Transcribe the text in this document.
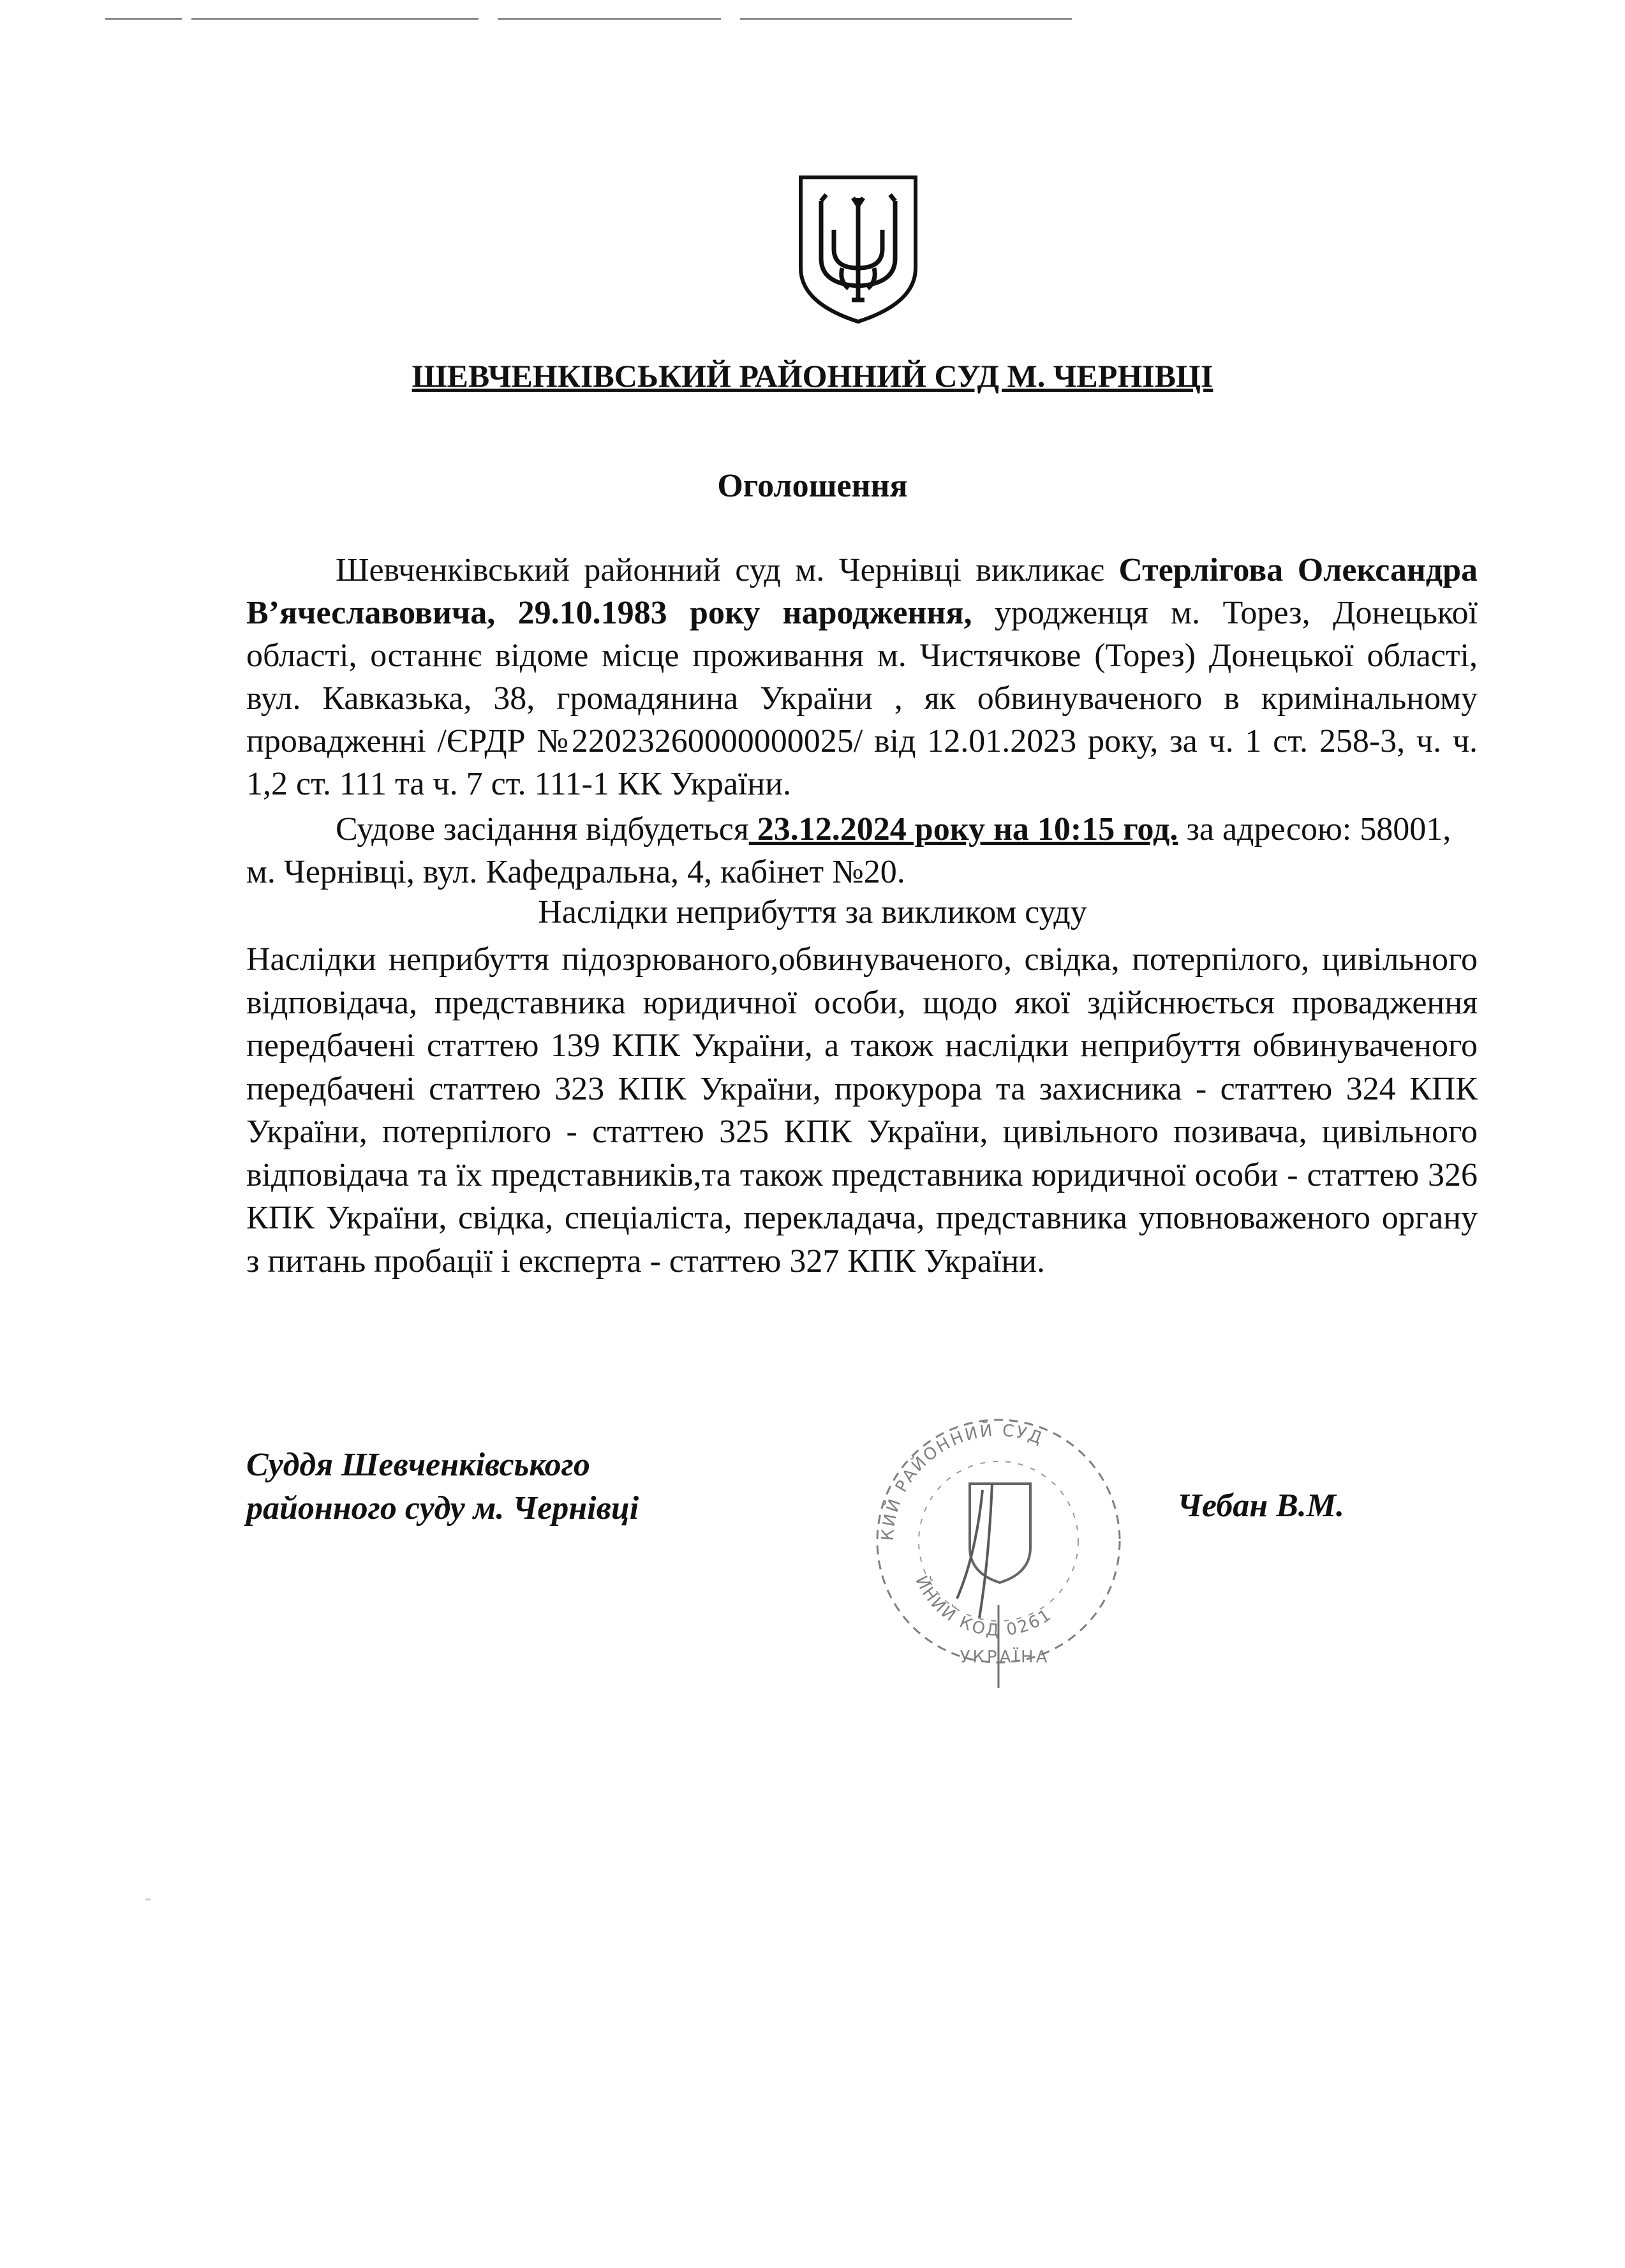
ШЕВЧЕНКІВСЬКИЙ РАЙОННИЙ СУД М. ЧЕРНІВЦІ
Оголошення

Шевченківський районний суд м. Чернівці викликає Стерлігова Олександра В’ячеславовича, 29.10.1983 року народження, уродженця м. Торез, Донецької області, останнє відоме місце проживання м. Чистячкове (Торез) Донецької області, вул. Кавказька, 38, громадянина України , як обвинуваченого в кримінальному провадженні /ЄРДР №22023260000000025/ від 12.01.2023 року, за ч. 1 ст. 258-3, ч. ч. 1,2 ст. 111 та ч. 7 ст. 111-1 КК України.

Судове засідання відбудеться 23.12.2024 року на 10:15 год. за адресою: 58001, м. Чернівці, вул. Кафедральна, 4, кабінет №20.

Наслідки неприбуття за викликом суду

Наслідки неприбуття підозрюваного,обвинуваченого, свідка, потерпілого, цивільного відповідача, представника юридичної особи, щодо якої здійснюється провадження передбачені статтею 139 КПК України, а також наслідки неприбуття обвинуваченого передбачені статтею 323 КПК України, прокурора та захисника - статтею 324 КПК України, потерпілого - статтею 325 КПК України, цивільного позивача, цивільного відповідача та їх представників,та також представника юридичної особи - статтею 326 КПК України, свідка, спеціаліста, перекладача, представника уповноваженого органу з питань пробації і експерта - статтею 327 КПК України.

КИЙ РАЙОННИЙ СУД
ЙНИЙ КОД 0261
УКРАЇНА
Суддя Шевченківського
районного суду м. Чернівці	Чебан В.М.
